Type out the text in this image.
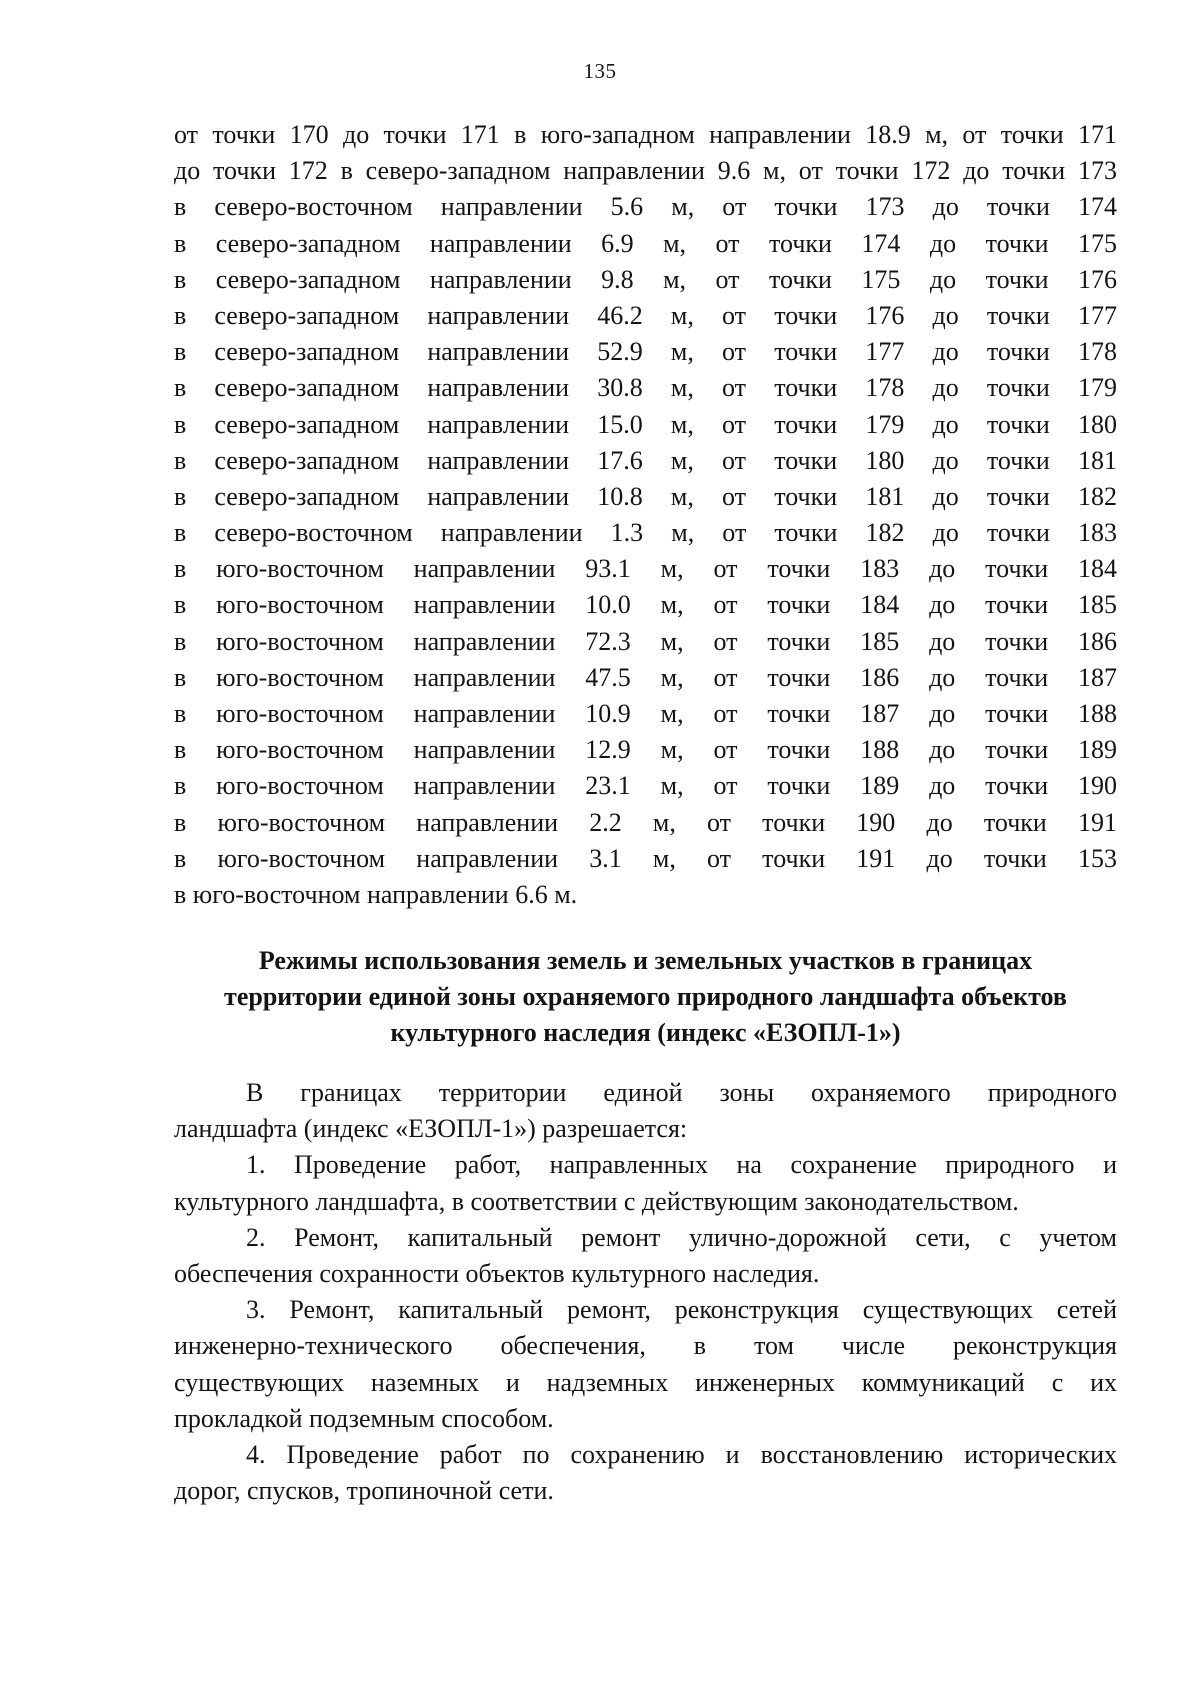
135
от точки 170 до точки 171 в юго-западном направлении 18.9 м, от точки 171
до точки 172 в северо-западном направлении 9.6 м, от точки 172 до точки 173
в северо-восточном направлении 5.6 м, от точки 173 до точки 174
в северо-западном направлении 6.9 м, от точки 174 до точки 175
в северо-западном направлении 9.8 м, от точки 175 до точки 176
в северо-западном направлении 46.2 м, от точки 176 до точки 177
в северо-западном направлении 52.9 м, от точки 177 до точки 178
в северо-западном направлении 30.8 м, от точки 178 до точки 179
в северо-западном направлении 15.0 м, от точки 179 до точки 180
в северо-западном направлении 17.6 м, от точки 180 до точки 181
в северо-западном направлении 10.8 м, от точки 181 до точки 182
в северо-восточном направлении 1.3 м, от точки 182 до точки 183
в юго-восточном направлении 93.1 м, от точки 183 до точки 184
в юго-восточном направлении 10.0 м, от точки 184 до точки 185
в юго-восточном направлении 72.3 м, от точки 185 до точки 186
в юго-восточном направлении 47.5 м, от точки 186 до точки 187
в юго-восточном направлении 10.9 м, от точки 187 до точки 188
в юго-восточном направлении 12.9 м, от точки 188 до точки 189
в юго-восточном направлении 23.1 м, от точки 189 до точки 190
в юго-восточном направлении 2.2 м, от точки 190 до точки 191
в юго-восточном направлении 3.1 м, от точки 191 до точки 153
в юго-восточном направлении 6.6 м.
Режимы использования земель и земельных участков в границах
территории единой зоны охраняемого природного ландшафта объектов
культурного наследия (индекс «ЕЗОПЛ-1»)
В границах территории единой зоны охраняемого природного
ландшафта (индекс «ЕЗОПЛ-1») разрешается:
1. Проведение работ, направленных на сохранение природного и
культурного ландшафта, в соответствии с действующим законодательством.
2. Ремонт, капитальный ремонт улично-дорожной сети, с учетом
обеспечения сохранности объектов культурного наследия.
3. Ремонт, капитальный ремонт, реконструкция существующих сетей
инженерно-технического обеспечения, в том числе реконструкция
существующих наземных и надземных инженерных коммуникаций с их
прокладкой подземным способом.
4. Проведение работ по сохранению и восстановлению исторических
дорог, спусков, тропиночной сети.
